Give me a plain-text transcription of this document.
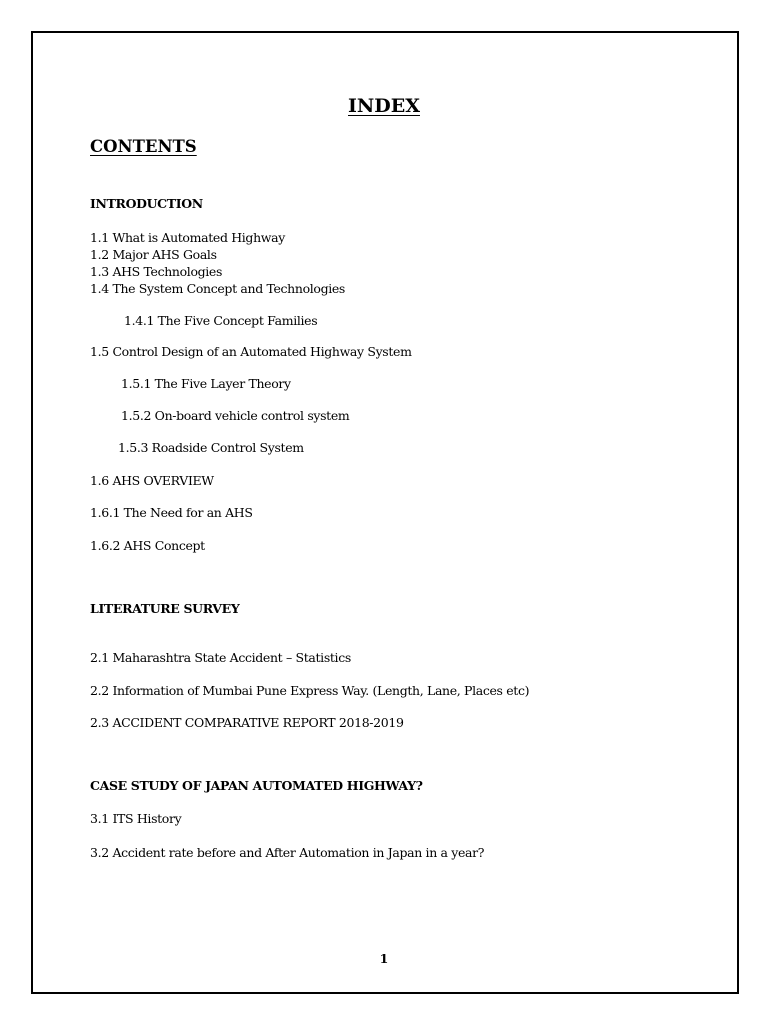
INDEX
CONTENTS
INTRODUCTION
1.1 What is Automated Highway
1.2 Major AHS Goals
1.3 AHS Technologies
1.4 The System Concept and Technologies
1.4.1 The Five Concept Families
1.5 Control Design of an Automated Highway System
1.5.1 The Five Layer Theory
1.5.2 On-board vehicle control system
1.5.3 Roadside Control System
1.6 AHS OVERVIEW
1.6.1 The Need for an AHS
1.6.2 AHS Concept
LITERATURE SURVEY
2.1 Maharashtra State Accident – Statistics
2.2 Information of Mumbai Pune Express Way. (Length, Lane, Places etc)
2.3 ACCIDENT COMPARATIVE REPORT 2018-2019
CASE STUDY OF JAPAN AUTOMATED HIGHWAY?
3.1 ITS History
3.2 Accident rate before and After Automation in Japan in a year?
1
